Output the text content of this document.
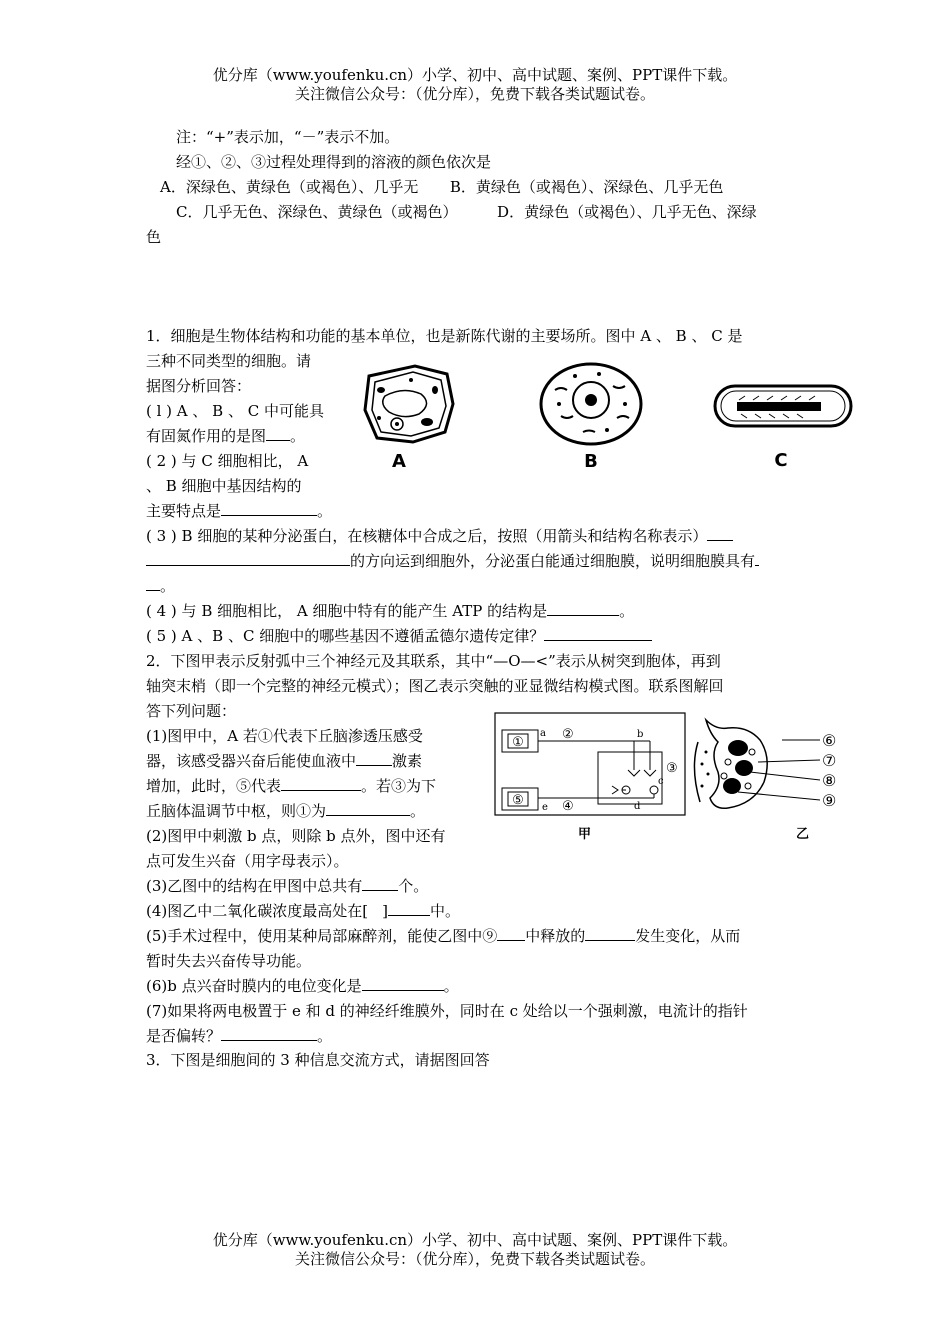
优分库（www.youfenku.cn）小学、初中、高中试题、案例、PPT课件下载。
关注微信公众号：（优分库），免费下载各类试题试卷。
注：“+”表示加，“－”表示不加。
经①、②、③过程处理得到的溶液的颜色依次是
A．深绿色、黄绿色（或褐色）、几乎无 B．黄绿色（或褐色）、深绿色、几乎无色
C．几乎无色、深绿色、黄绿色（或褐色）	D．黄绿色（或褐色）、几乎无色、深绿
色
1．细胞是生物体结构和功能的基本单位，也是新陈代谢的主要场所。图中 A 、 B 、 C 是
三种不同类型的细胞。请
据图分析回答：
( l ) A 、 B 、 C 中可能具
有固氮作用的是图 。
( 2 ) 与 C 细胞相比， A
、 B 细胞中基因结构的
主要特点是	。
( 3 ) B 细胞的某种分泌蛋白，在核糖体中合成之后，按照（用箭头和结构名称表示）
的方向运到细胞外，分泌蛋白能通过细胞膜，说明细胞膜具有
。
( 4 ) 与 B 细胞相比， A 细胞中特有的能产生 ATP 的结构是	。
( 5 ) A 、B 、C 细胞中的哪些基因不遵循孟德尔遗传定律？
A	B	C
2．下图甲表示反射弧中三个神经元及其联系，其中“—O—<”表示从树突到胞体，再到
轴突末梢（即一个完整的神经元模式）；图乙表示突触的亚显微结构模式图。联系图解回
答下列问题：
(1)图甲中，A 若①代表下丘脑渗透压感受
器，该感受器兴奋后能使血液中 激素
增加，此时，⑤代表	。若③为下
丘脑体温调节中枢，则①为	。
(2)图甲中刺激 b 点，则除 b 点外，图中还有
点可发生兴奋（用字母表示）。
(3)乙图中的结构在甲图中总共有 个。
(4)图乙中二氧化碳浓度最高处在[ ]	中。
(5)手术过程中，使用某种局部麻醉剂，能使乙图中⑨ 中释放的	发生变化，从而
暂时失去兴奋传导功能。
(6)b 点兴奋时膜内的电位变化是	。
(7)如果将两电极置于 e 和 d 的神经纤维膜外，同时在 c 处给以一个强刺激，电流计的指针
是否偏转？	。
①
a ②	b
c
③
d
⑤ e ④
甲
⑥
⑦
⑧
⑨
乙
3．下图是细胞间的 3 种信息交流方式，请据图回答
优分库（www.youfenku.cn）小学、初中、高中试题、案例、PPT课件下载。
关注微信公众号：（优分库），免费下载各类试题试卷。
